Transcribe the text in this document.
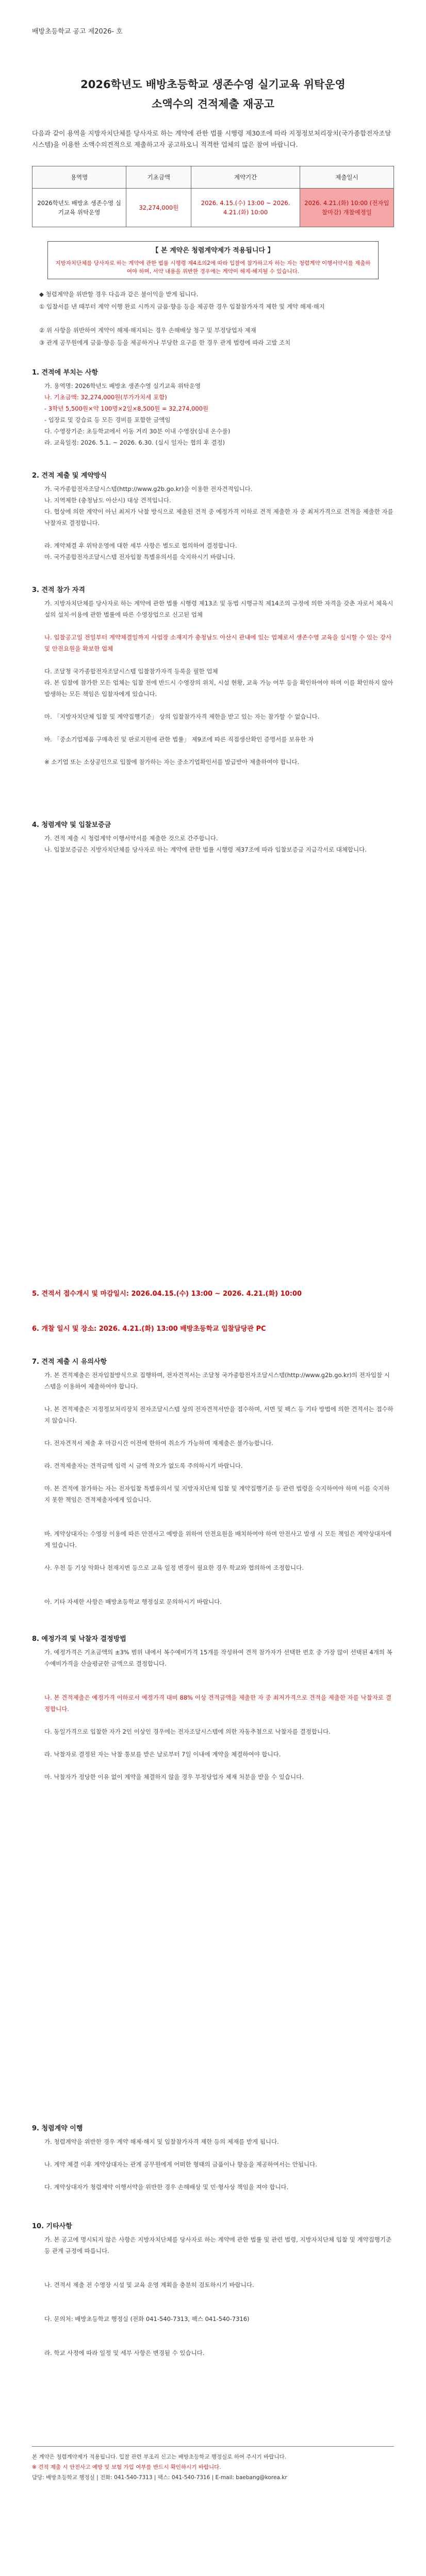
배방초등학교 공고 제2026- 호
2026학년도 배방초등학교 생존수영 실기교육 위탁운영
소액수의 견적제출 재공고
다음과 같이 용역을 지방자치단체를 당사자로 하는 계약에 관한 법률 시행령 제30조에 따라 지정정보처리장치(국가종합전자조달시스템)을 이용한 소액수의견적으로 제출하고자 공고하오니 적격한 업체의 많은 참여 바랍니다.
용역명	기초금액	계약기간	제출일시
2026학년도 배방초 생존수영 실기교육 위탁운영	32,274,000원	2026. 4.15.(수) 13:00 ~ 2026. 4.21.(화) 10:00	2026. 4.21.(화) 10:00 (전자입찰마감) 개찰예정일
【 본 계약은 청렴계약제가 적용됩니다 】
지방자치단체를 당사자로 하는 계약에 관한 법률 시행령 제4조의2에 따라 입찰에 참가하고자 하는 자는 청렴계약 이행서약서를 제출하여야 하며, 서약 내용을 위반한 경우에는 계약이 해제·해지될 수 있습니다.
◆ 청렴계약을 위반할 경우 다음과 같은 불이익을 받게 됩니다.
① 입찰서를 낸 때부터 계약 이행 완료 시까지 금품·향응 등을 제공한 경우 입찰참가자격 제한 및 계약 해제·해지
② 위 사항을 위반하여 계약이 해제·해지되는 경우 손해배상 청구 및 부정당업자 제재
③ 관계 공무원에게 금품·향응 등을 제공하거나 부당한 요구를 한 경우 관계 법령에 따라 고발 조치
1. 견적에 부치는 사항
가. 용역명: 2026학년도 배방초 생존수영 실기교육 위탁운영
나. 기초금액: 32,274,000원(부가가치세 포함)
- 3학년 5,500원×약 100명×2일×8,500원 = 32,274,000원
- 입장료 및 강습료 등 모든 경비를 포함한 금액임
다. 수영장기준: 초등학교에서 이동 거리 30분 이내 수영장(실내 온수풀)
라. 교육일정: 2026. 5.1. ~ 2026. 6.30. (실시 일자는 협의 후 결정)
2. 견적 제출 및 계약방식
가. 국가종합전자조달시스템(http://www.g2b.go.kr)을 이용한 전자견적입니다.
나. 지역제한 (충청남도 아산시) 대상 견적입니다.
다. 협상에 의한 계약이 아닌 최저가 낙찰 방식으로 제출된 견적 중 예정가격 이하로 견적 제출한 자 중 최저가격으로 견적을 제출한 자를 낙찰자로 결정합니다.
라. 계약체결 후 위탁운영에 대한 세부 사항은 별도로 협의하여 결정합니다.
마. 국가종합전자조달시스템 전자입찰 특별유의서를 숙지하시기 바랍니다.
3. 견적 참가 자격
가. 지방자치단체를 당사자로 하는 계약에 관한 법률 시행령 제13조 및 동법 시행규칙 제14조의 규정에 의한 자격을 갖춘 자로서 체육시설의 설치·이용에 관한 법률에 따른 수영장업으로 신고된 업체
나. 입찰공고일 전일부터 계약체결일까지 사업장 소재지가 충청남도 아산시 관내에 있는 업체로서 생존수영 교육을 실시할 수 있는 강사 및 안전요원을 확보한 업체
다. 조달청 국가종합전자조달시스템 입찰참가자격 등록을 필한 업체
라. 본 입찰에 참가한 모든 업체는 입찰 전에 반드시 수영장의 위치, 시설 현황, 교육 가능 여부 등을 확인하여야 하며 이를 확인하지 않아 발생하는 모든 책임은 입찰자에게 있습니다.
마. 「지방자치단체 입찰 및 계약집행기준」 상의 입찰참가자격 제한을 받고 있는 자는 참가할 수 없습니다.
바. 「중소기업제품 구매촉진 및 판로지원에 관한 법률」 제9조에 따른 직접생산확인 증명서를 보유한 자
※ 소기업 또는 소상공인으로 입찰에 참가하는 자는 중소기업확인서를 발급받아 제출하여야 합니다.
4. 청렴계약 및 입찰보증금
가. 견적 제출 시 청렴계약 이행서약서를 제출한 것으로 간주합니다.
나. 입찰보증금은 지방자치단체를 당사자로 하는 계약에 관한 법률 시행령 제37조에 따라 입찰보증금 지급각서로 대체합니다.
5. 견적서 접수개시 및 마감일시: 2026.04.15.(수) 13:00 ~ 2026. 4.21.(화) 10:00
6. 개찰 일시 및 장소: 2026. 4.21.(화) 13:00 배방초등학교 입찰담당관 PC
7. 견적 제출 시 유의사항
가. 본 견적제출은 전자입찰방식으로 집행하며, 전자견적서는 조달청 국가종합전자조달시스템(http://www.g2b.go.kr)의 전자입찰 시스템을 이용하여 제출하여야 합니다.
나. 본 견적제출은 지정정보처리장치 전자조달시스템 상의 전자견적서만을 접수하며, 서면 및 팩스 등 기타 방법에 의한 견적서는 접수하지 않습니다.
다. 전자견적서 제출 후 마감시간 이전에 한하여 취소가 가능하며 재제출은 불가능합니다.
라. 견적제출자는 견적금액 입력 시 금액 착오가 없도록 주의하시기 바랍니다.
마. 본 견적에 참가하는 자는 전자입찰 특별유의서 및 지방자치단체 입찰 및 계약집행기준 등 관련 법령을 숙지하여야 하며 이를 숙지하지 못한 책임은 견적제출자에게 있습니다.
바. 계약상대자는 수영장 이용에 따른 안전사고 예방을 위하여 안전요원을 배치하여야 하며 안전사고 발생 시 모든 책임은 계약상대자에게 있습니다.
사. 우천 등 기상 악화나 천재지변 등으로 교육 일정 변경이 필요한 경우 학교와 협의하여 조정합니다.
아. 기타 자세한 사항은 배방초등학교 행정실로 문의하시기 바랍니다.
8. 예정가격 및 낙찰자 결정방법
가. 예정가격은 기초금액의 ±3% 범위 내에서 복수예비가격 15개를 작성하여 견적 참가자가 선택한 번호 중 가장 많이 선택된 4개의 복수예비가격을 산술평균한 금액으로 결정합니다.
나. 본 견적제출은 예정가격 이하로서 예정가격 대비 88% 이상 견적금액을 제출한 자 중 최저가격으로 견적을 제출한 자를 낙찰자로 결정합니다.
다. 동일가격으로 입찰한 자가 2인 이상인 경우에는 전자조달시스템에 의한 자동추첨으로 낙찰자를 결정합니다.
라. 낙찰자로 결정된 자는 낙찰 통보를 받은 날로부터 7일 이내에 계약을 체결하여야 합니다.
마. 낙찰자가 정당한 이유 없이 계약을 체결하지 않을 경우 부정당업자 제재 처분을 받을 수 있습니다.
9. 청렴계약 이행
가. 청렴계약을 위반한 경우 계약 해제·해지 및 입찰참가자격 제한 등의 제재를 받게 됩니다.
나. 계약 체결 이후 계약상대자는 관계 공무원에게 어떠한 형태의 금품이나 향응을 제공하여서는 안됩니다.
다. 계약상대자가 청렴계약 이행서약을 위반한 경우 손해배상 및 민·형사상 책임을 져야 합니다.
10. 기타사항
가. 본 공고에 명시되지 않은 사항은 지방자치단체를 당사자로 하는 계약에 관한 법률 및 관련 법령, 지방자치단체 입찰 및 계약집행기준 등 관계 규정에 따릅니다.
나. 견적서 제출 전 수영장 시설 및 교육 운영 계획을 충분히 검토하시기 바랍니다.
다. 문의처: 배방초등학교 행정실 (전화 041-540-7313, 팩스 041-540-7316)
라. 학교 사정에 따라 일정 및 세부 사항은 변경될 수 있습니다.
본 계약은 청렴계약제가 적용됩니다. 입찰 관련 부조리 신고는 배방초등학교 행정실로 하여 주시기 바랍니다.
※ 견적 제출 시 안전사고 예방 및 보험 가입 여부를 반드시 확인하시기 바랍니다.
담당: 배방초등학교 행정실 | 전화: 041-540-7313 | 팩스: 041-540-7316 | E-mail: baebang@korea.kr
